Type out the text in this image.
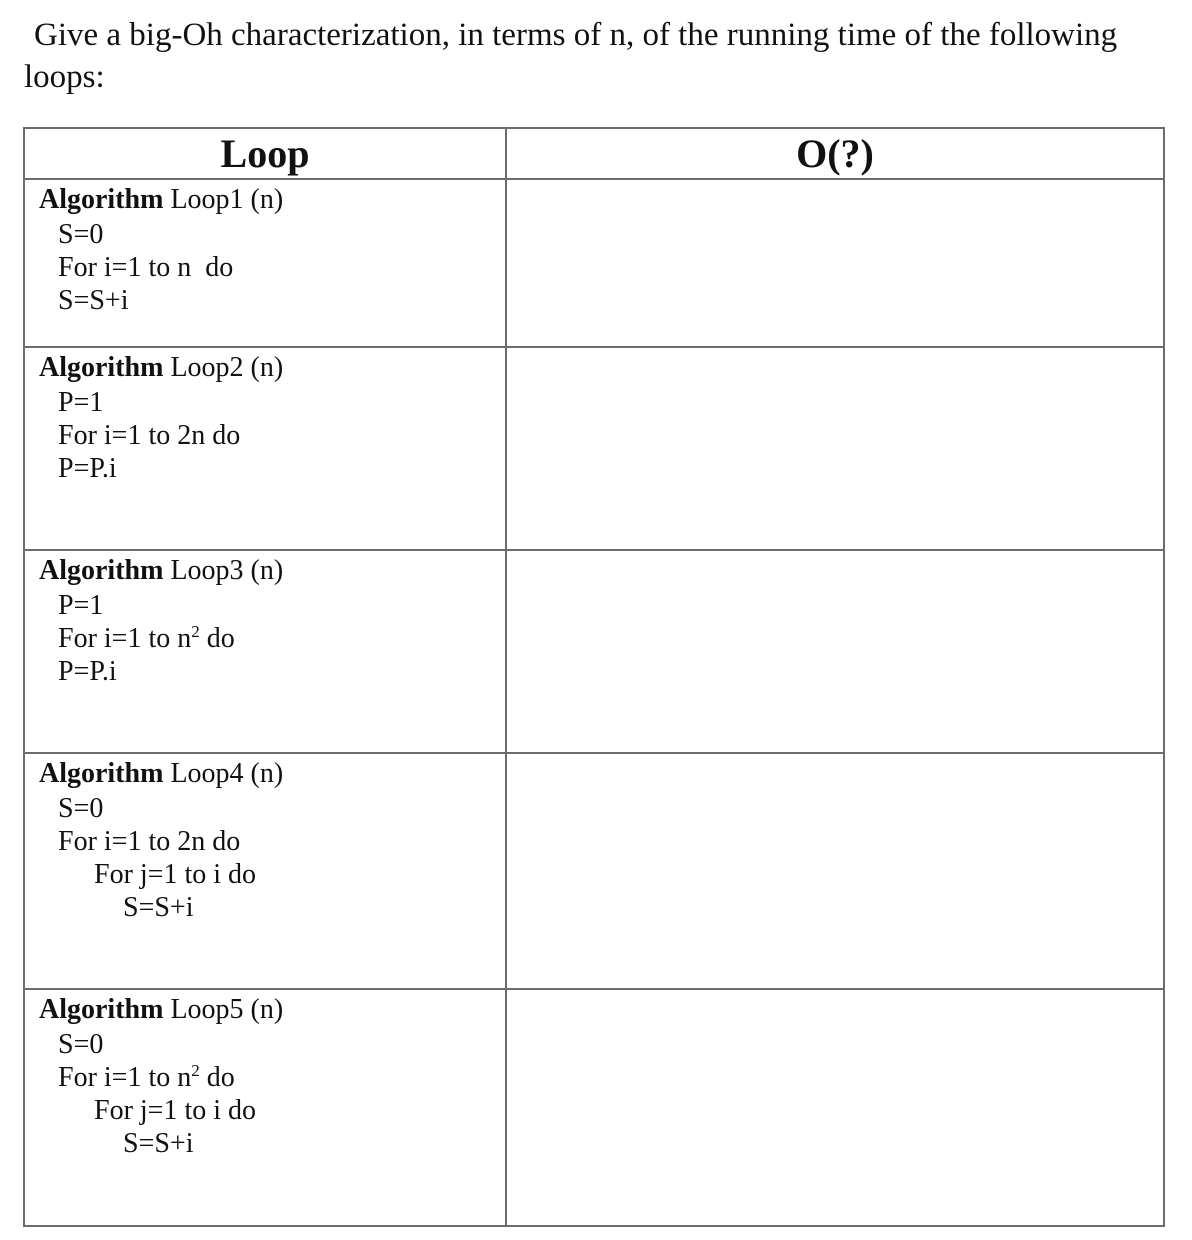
Give a big-Oh characterization, in terms of n, of the running time of the following loops:

Loop	O(?)

Algorithm Loop1 (n)
S=0
For i=1 to n  do
S=S+i	

Algorithm Loop2 (n)
P=1
For i=1 to 2n do
P=P.i	

Algorithm Loop3 (n)
P=1
For i=1 to $n^2$ do
P=P.i	

Algorithm Loop4 (n)
S=0
For i=1 to 2n do
For j=1 to i do
S=S+i	

Algorithm Loop5 (n)
S=0
For i=1 to $n^2$ do
For j=1 to i do
S=S+i	
